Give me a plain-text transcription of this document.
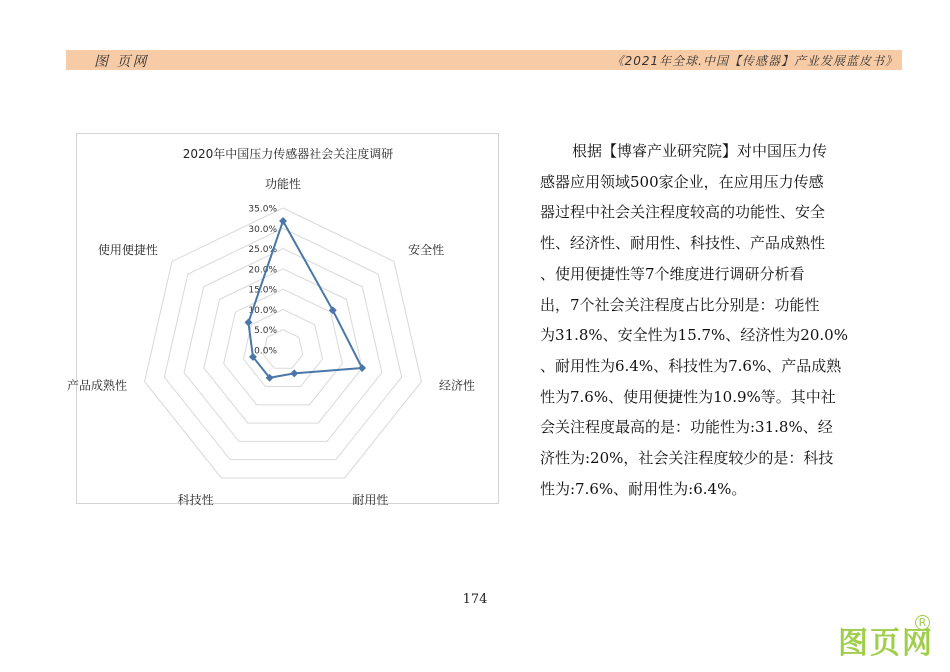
图 页网	《2021年全球.中国【传感器】产业发展蓝皮书》
2020年中国压力传感器社会关注度调研
0.0%
5.0%
10.0%
15.0%
20.0%
25.0%
30.0%
35.0%
功能性
安全性
经济性
耐用性
科技性
产品成熟性
使用便捷性
根据【博睿产业研究院】对中国压力传
感器应用领域500家企业，在应用压力传感
器过程中社会关注程度较高的功能性、安全
性、经济性、耐用性、科技性、产品成熟性
、使用便捷性等7个维度进行调研分析看
出，7个社会关注程度占比分别是：功能性
为31.8%、安全性为15.7%、经济性为20.0%
、耐用性为6.4%、科技性为7.6%、产品成熟
性为7.6%、使用便捷性为10.9%等。其中社
会关注程度最高的是：功能性为:31.8%、经
济性为:20%，社会关注程度较少的是：科技
性为:7.6%、耐用性为:6.4%。
174
R
图页网
